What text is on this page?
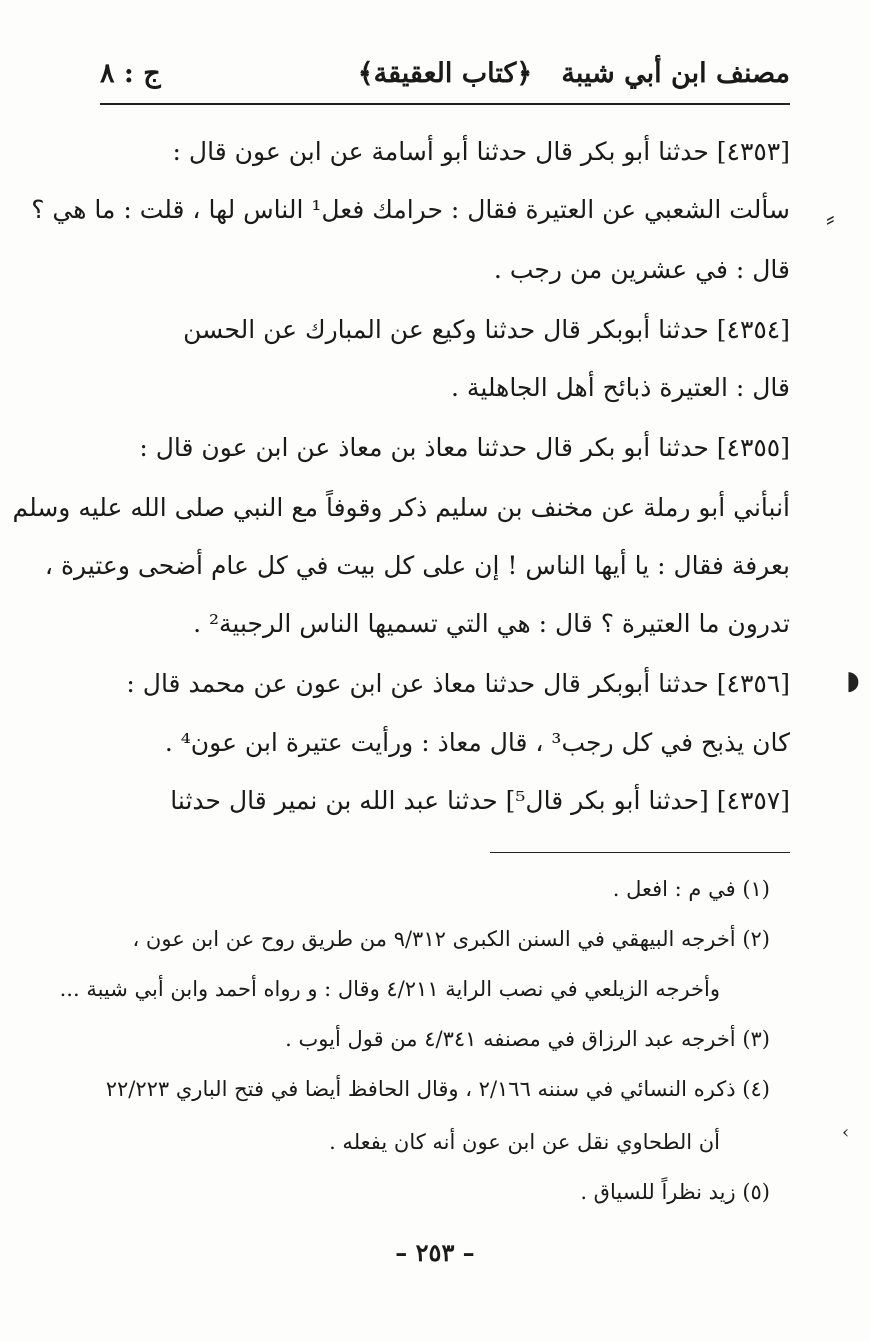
مصنف ابن أبي شيبة
﴿كتاب العقيقة﴾
ج : ٨
[٤٣٥٣] حدثنا أبو بكر قال حدثنا أبو أسامة عن ابن عون قال :
سألت الشعبي عن العتيرة فقال : حرامك فعل¹ الناس لها ، قلت : ما هي ؟
قال : في عشرين من رجب .
[٤٣٥٤] حدثنا أبوبكر قال حدثنا وكيع عن المبارك عن الحسن
قال : العتيرة ذبائح أهل الجاهلية .
[٤٣٥٥] حدثنا أبو بكر قال حدثنا معاذ بن معاذ عن ابن عون قال :
أنبأني أبو رملة عن مخنف بن سليم ذكر وقوفاً مع النبي صلى الله عليه وسلم
بعرفة فقال : يا أيها الناس ! إن على كل بيت في كل عام أضحى وعتيرة ،
تدرون ما العتيرة ؟ قال : هي التي تسميها الناس الرجبية² .
[٤٣٥٦] حدثنا أبوبكر قال حدثنا معاذ عن ابن عون عن محمد قال :
كان يذبح في كل رجب³ ، قال معاذ : ورأيت عتيرة ابن عون⁴ .
[٤٣٥٧] [حدثنا أبو بكر قال⁵] حدثنا عبد الله بن نمير قال حدثنا
(١) في م : افعل .
(٢) أخرجه البيهقي في السنن الكبرى ٩/٣١٢ من طريق روح عن ابن عون ،
وأخرجه الزيلعي في نصب الراية ٤/٢١١ وقال : و رواه أحمد وابن أبي شيبة ...
(٣) أخرجه عبد الرزاق في مصنفه ٤/٣٤١ من قول أيوب .
(٤) ذكره النسائي في سننه ٢/١٦٦ ، وقال الحافظ أيضا في فتح الباري ٢٢/٢٢٣
أن الطحاوي نقل عن ابن عون أنه كان يفعله .
(٥) زيد نظراً للسياق .
– ٢٥٣ –
⸗
◗
›
